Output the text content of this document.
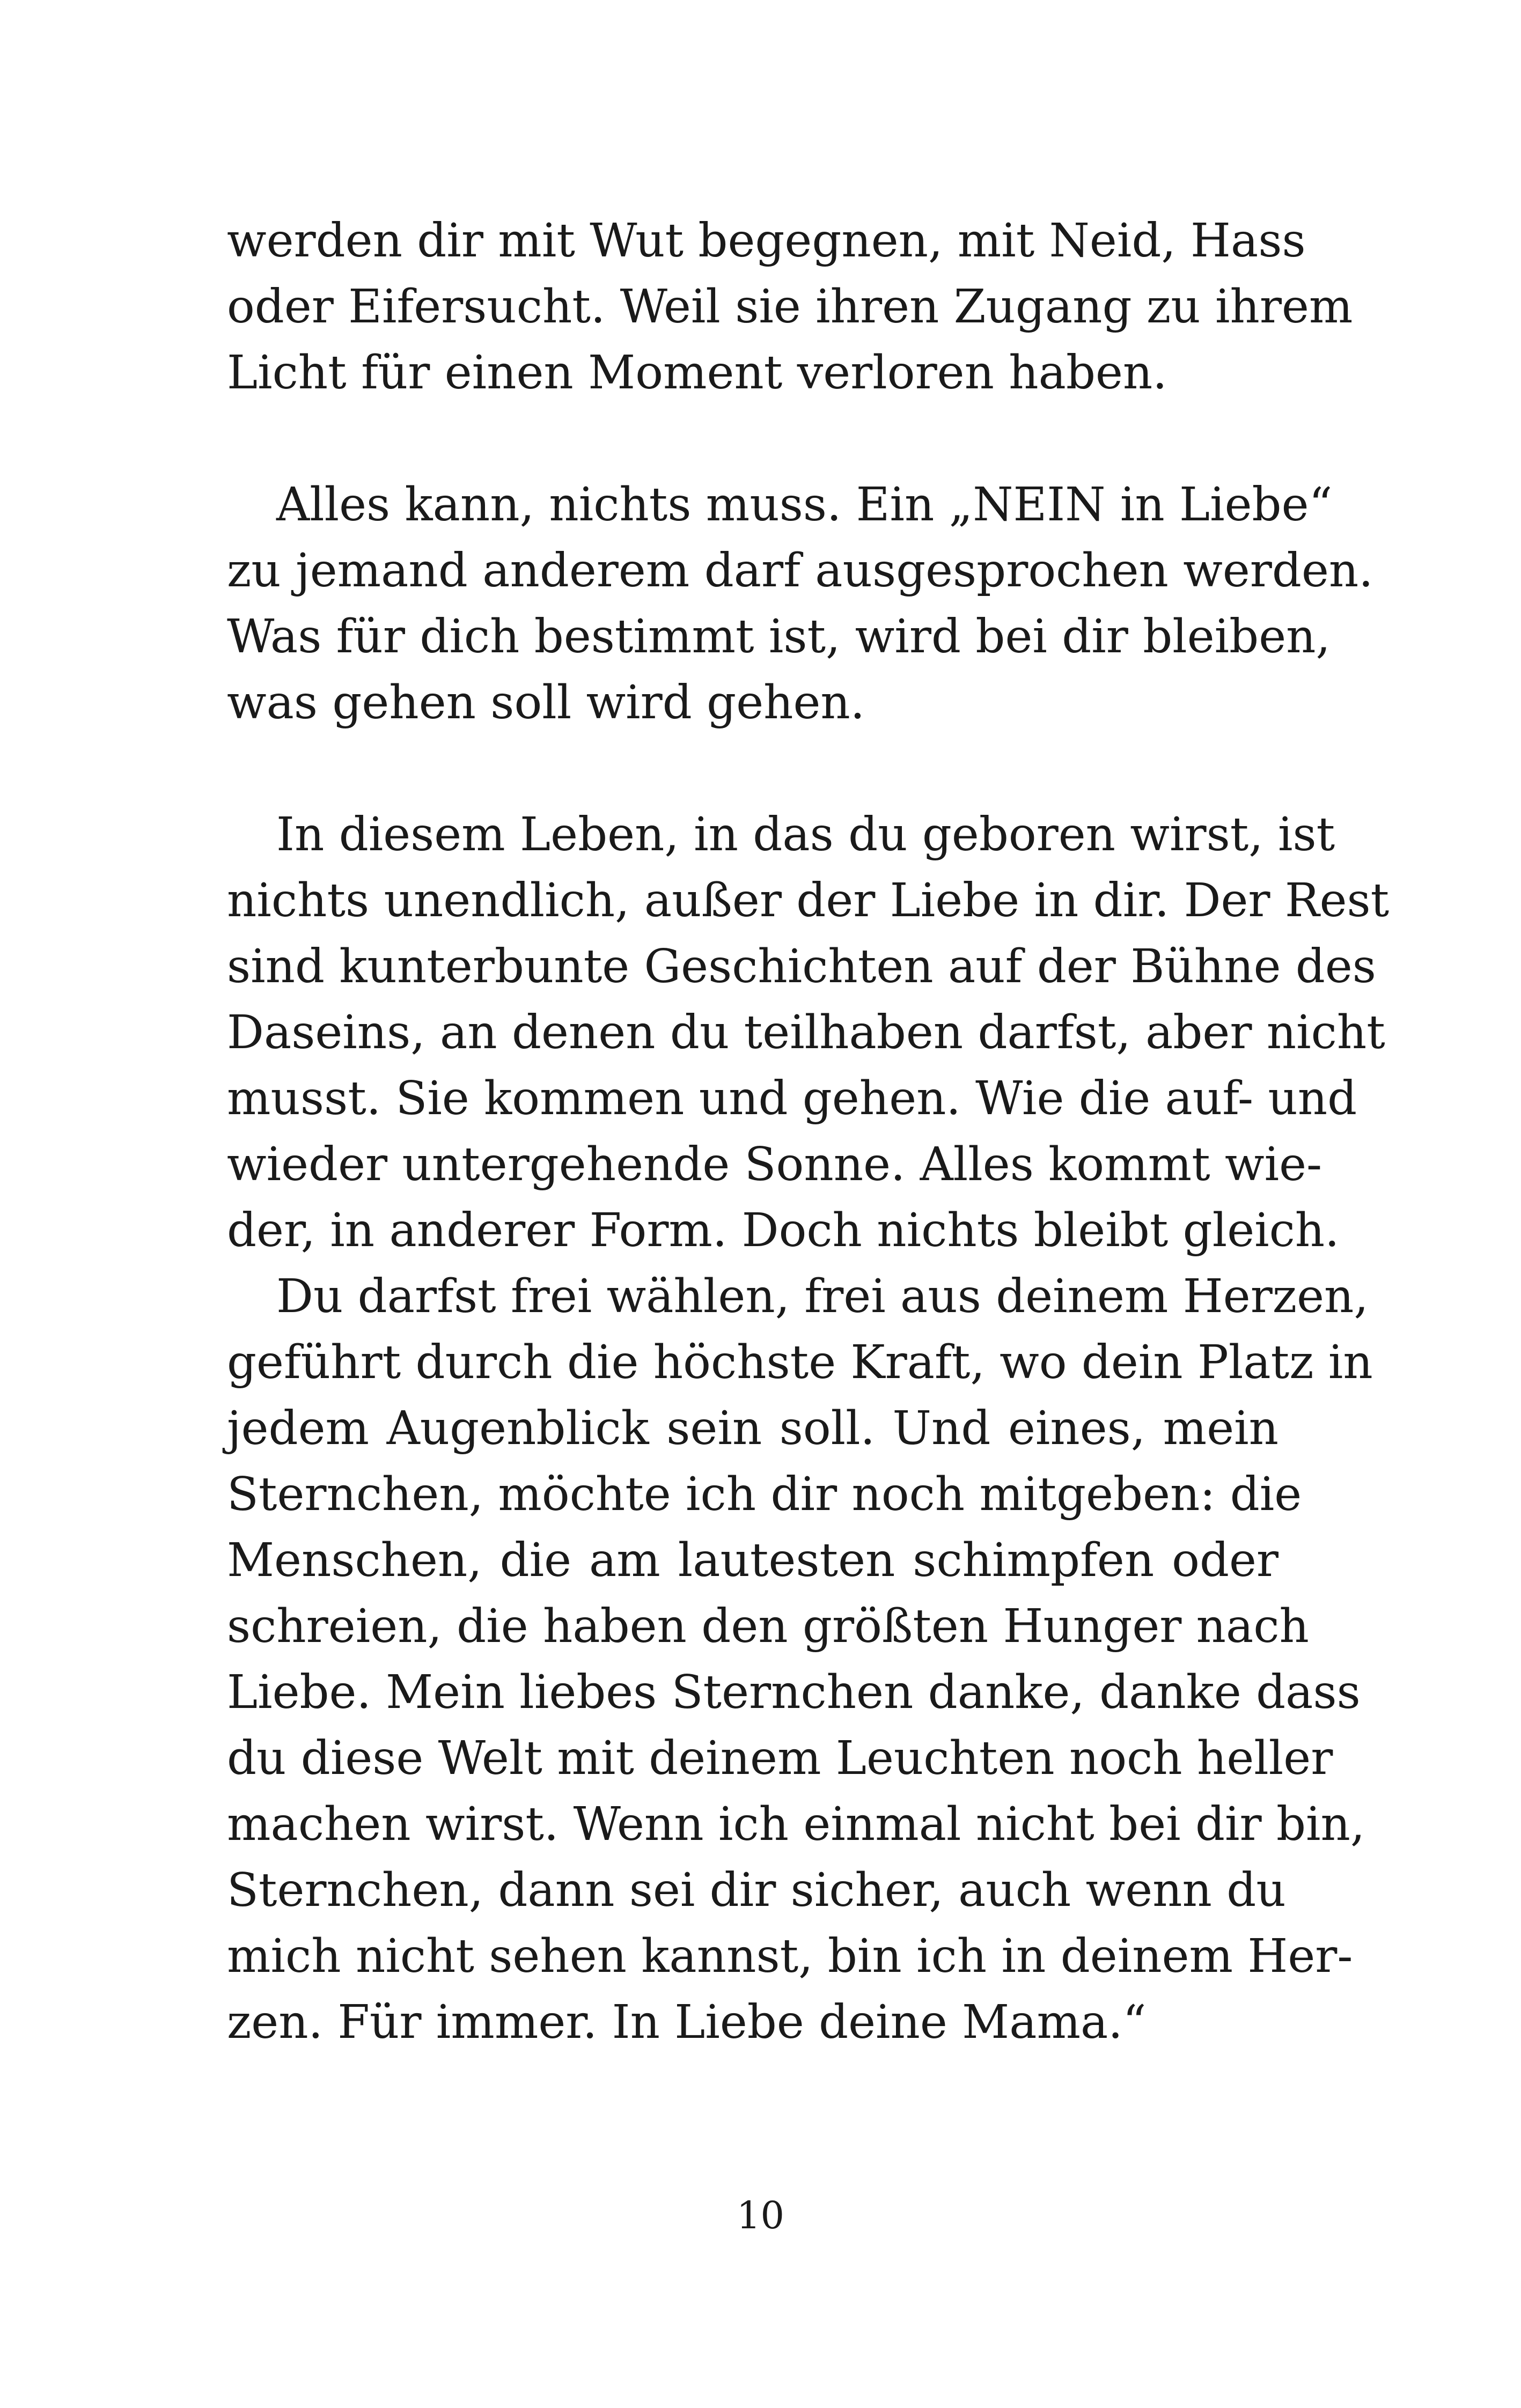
werden dir mit Wut begegnen, mit Neid, Hass
oder Eifersucht. Weil sie ihren Zugang zu ihrem
Licht für einen Moment verloren haben.
Alles kann, nichts muss. Ein „NEIN in Liebe“
zu jemand anderem darf ausgesprochen werden.
Was für dich bestimmt ist, wird bei dir bleiben,
was gehen soll wird gehen.
In diesem Leben, in das du geboren wirst, ist
nichts unendlich, außer der Liebe in dir. Der Rest
sind kunterbunte Geschichten auf der Bühne des
Daseins, an denen du teilhaben darfst, aber nicht
musst. Sie kommen und gehen. Wie die auf- und
wieder untergehende Sonne. Alles kommt wie-
der, in anderer Form. Doch nichts bleibt gleich.
Du darfst frei wählen, frei aus deinem Herzen,
geführt durch die höchste Kraft, wo dein Platz in
jedem Augenblick sein soll. Und eines, mein
Sternchen, möchte ich dir noch mitgeben: die
Menschen, die am lautesten schimpfen oder
schreien, die haben den größten Hunger nach
Liebe. Mein liebes Sternchen danke, danke dass
du diese Welt mit deinem Leuchten noch heller
machen wirst. Wenn ich einmal nicht bei dir bin,
Sternchen, dann sei dir sicher, auch wenn du
mich nicht sehen kannst, bin ich in deinem Her-
zen. Für immer. In Liebe deine Mama.“
10
